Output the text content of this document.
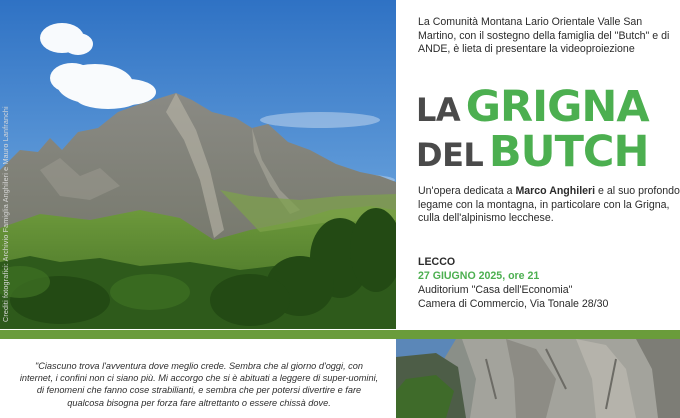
Crediti fotografici: Archivio Famiglia Anghileri e Mauro Lanfranchi
La Comunità Montana Lario Orientale Valle San Martino, con il sostegno della famiglia del "Butch" e di ANDE, è lieta di presentare la videoproiezione
LA GRIGNA
DEL BUTCH
Un'opera dedicata a Marco Anghileri e al suo profondo legame con la montagna, in particolare con la Grigna, culla dell'alpinismo lecchese.
LECCO
27 GIUGNO 2025, ore 21
Auditorium "Casa dell'Economia"
Camera di Commercio, Via Tonale 28/30
"Ciascuno trova l'avventura dove meglio crede. Sembra che al giorno d'oggi, con internet, i confini non ci siano più. Mi accorgo che si è abituati a leggere di super-uomini, di fenomeni che fanno cose strabilianti, e sembra che per potersi divertire e fare qualcosa bisogna per forza fare altrettanto o essere chissà dove.
